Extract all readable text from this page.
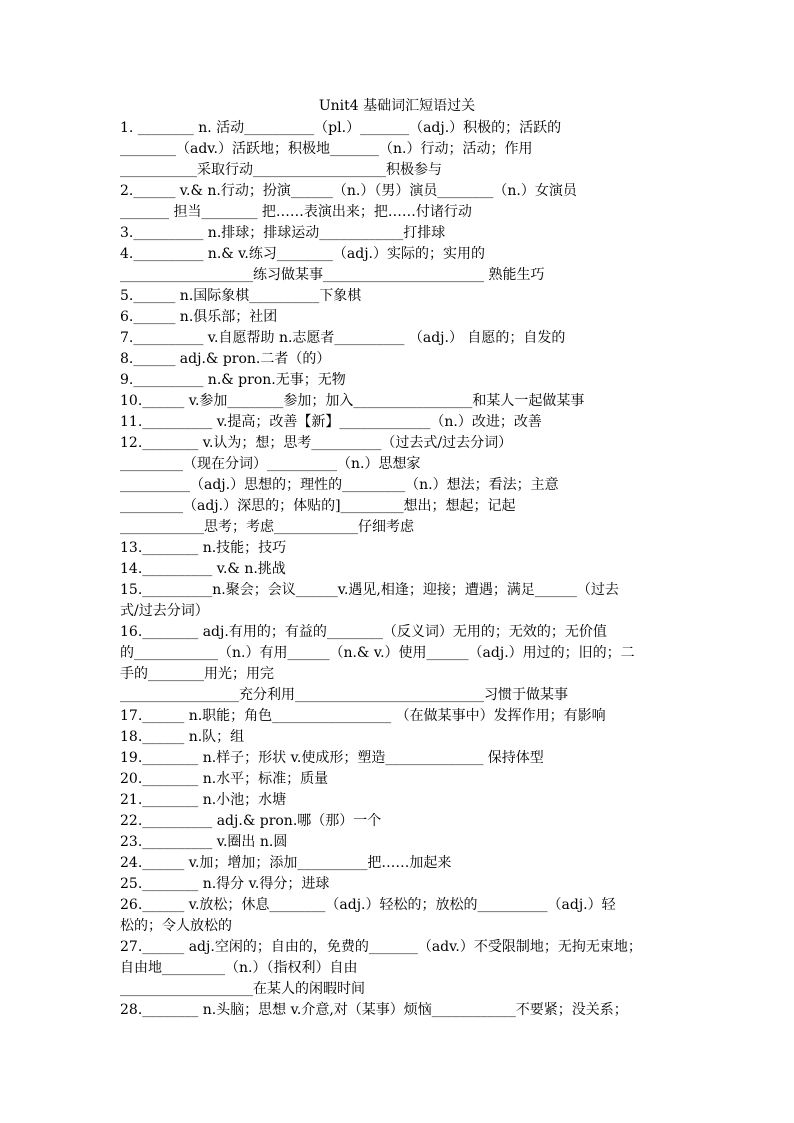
Unit4 基础词汇短语过关
1. ________ n. 活动__________（pl.）_______（adj.）积极的；活跃的
________（adv.）活跃地；积极地_______（n.）行动；活动；作用
___________采取行动___________________积极参与
2.______ v.& n.行动；扮演______（n.）（男）演员________（n.）女演员
_______ 担当________ 把……表演出来；把……付诸行动
3.__________ n.排球；排球运动____________打排球
4.__________ n.& v.练习________（adj.）实际的；实用的
___________________练习做某事_______________________ 熟能生巧
5.______ n.国际象棋__________下象棋
6.______ n.俱乐部；社团
7.__________ v.自愿帮助 n.志愿者__________ （adj.） 自愿的；自发的
8.______ adj.& pron.二者（的）
9.__________ n.& pron.无事；无物
10.______ v.参加________参加；加入_________________和某人一起做某事
11.__________ v.提高；改善【新】_____________（n.）改进；改善
12.________ v.认为；想；思考__________（过去式/过去分词）
_________（现在分词）__________（n.）思想家
__________（adj.）思想的；理性的_________（n.）想法；看法；主意
_________（adj.）深思的；体贴的]_________想出；想起；记起
____________思考；考虑____________仔细考虑
13.________ n.技能；技巧
14.__________ v.& n.挑战
15.__________n.聚会；会议______v.遇见,相逢；迎接；遭遇；满足______（过去
式/过去分词）
16.________ adj.有用的；有益的________（反义词）无用的；无效的；无价值
的____________（n.）有用______（n.& v.）使用______（adj.）用过的；旧的；二
手的________用光；用完
_________________充分利用___________________________习惯于做某事
17.______ n.职能；角色_________________ （在做某事中）发挥作用；有影响
18.______ n.队；组
19.________ n.样子；形状 v.使成形；塑造______________ 保持体型
20.________ n.水平；标准；质量
21.________ n.小池；水塘
22.__________ adj.& pron.哪（那）一个
23.__________ v.圈出 n.圆
24.______ v.加；增加；添加__________把……加起来
25.________ n.得分 v.得分；进球
26.______ v.放松；休息________（adj.）轻松的；放松的__________（adj.）轻
松的；令人放松的
27.______ adj.空闲的；自由的，免费的_______（adv.）不受限制地；无拘无束地；
自由地_________（n.）（指权利）自由
___________________在某人的闲暇时间
28.________ n.头脑；思想 v.介意,对（某事）烦恼____________不要紧；没关系；
